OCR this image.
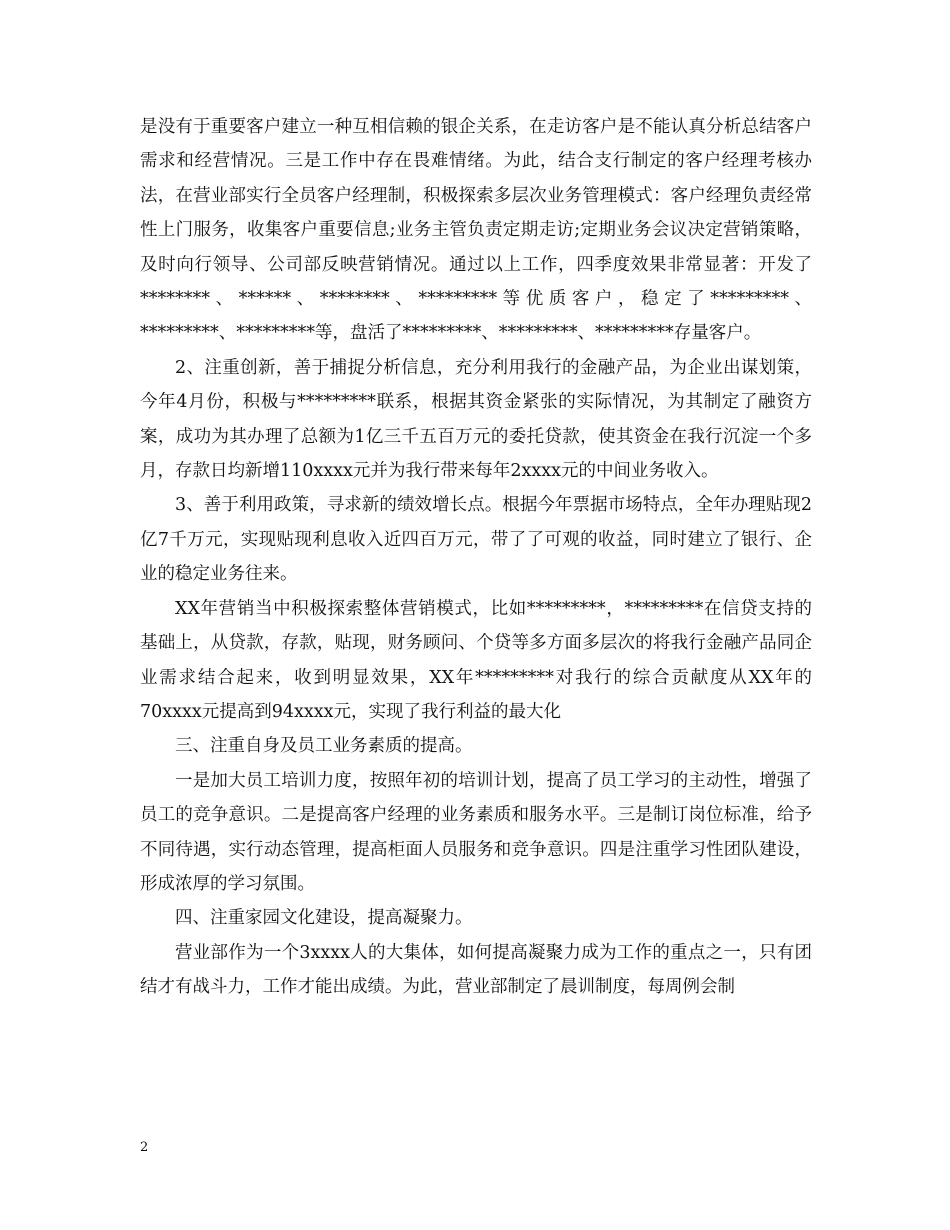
是没有于重要客户建立一种互相信赖的银企关系，在走访客户是不能认真分析总结客户需求和经营情况。三是工作中存在畏难情绪。为此，结合支行制定的客户经理考核办法，在营业部实行全员客户经理制，积极探索多层次业务管理模式：客户经理负责经常性上门服务，收集客户重要信息;业务主管负责定期走访;定期业务会议决定营销策略，及时向行领导、公司部反映营销情况。通过以上工作，四季度效果非常显著：开发了********、******、********、*********等优质客户，稳定了*********、*********、*********等，盘活了*********、*********、*********存量客户。

2、注重创新，善于捕捉分析信息，充分利用我行的金融产品，为企业出谋划策，今年4月份，积极与*********联系，根据其资金紧张的实际情况，为其制定了融资方案，成功为其办理了总额为1亿三千五百万元的委托贷款，使其资金在我行沉淀一个多月，存款日均新增110xxxx元并为我行带来每年2xxxx元的中间业务收入。

3、善于利用政策，寻求新的绩效增长点。根据今年票据市场特点，全年办理贴现2亿7千万元，实现贴现利息收入近四百万元，带了了可观的收益，同时建立了银行、企业的稳定业务往来。

XX年营销当中积极探索整体营销模式，比如*********，*********在信贷支持的基础上，从贷款，存款，贴现，财务顾问、个贷等多方面多层次的将我行金融产品同企业需求结合起来，收到明显效果，XX年*********对我行的综合贡献度从XX年的70xxxx元提高到94xxxx元，实现了我行利益的最大化

三、注重自身及员工业务素质的提高。

一是加大员工培训力度，按照年初的培训计划，提高了员工学习的主动性，增强了员工的竞争意识。二是提高客户经理的业务素质和服务水平。三是制订岗位标准，给予不同待遇，实行动态管理，提高柜面人员服务和竞争意识。四是注重学习性团队建设，形成浓厚的学习氛围。

四、注重家园文化建设，提高凝聚力。

营业部作为一个3xxxx人的大集体，如何提高凝聚力成为工作的重点之一，只有团结才有战斗力，工作才能出成绩。为此，营业部制定了晨训制度，每周例会制

2
